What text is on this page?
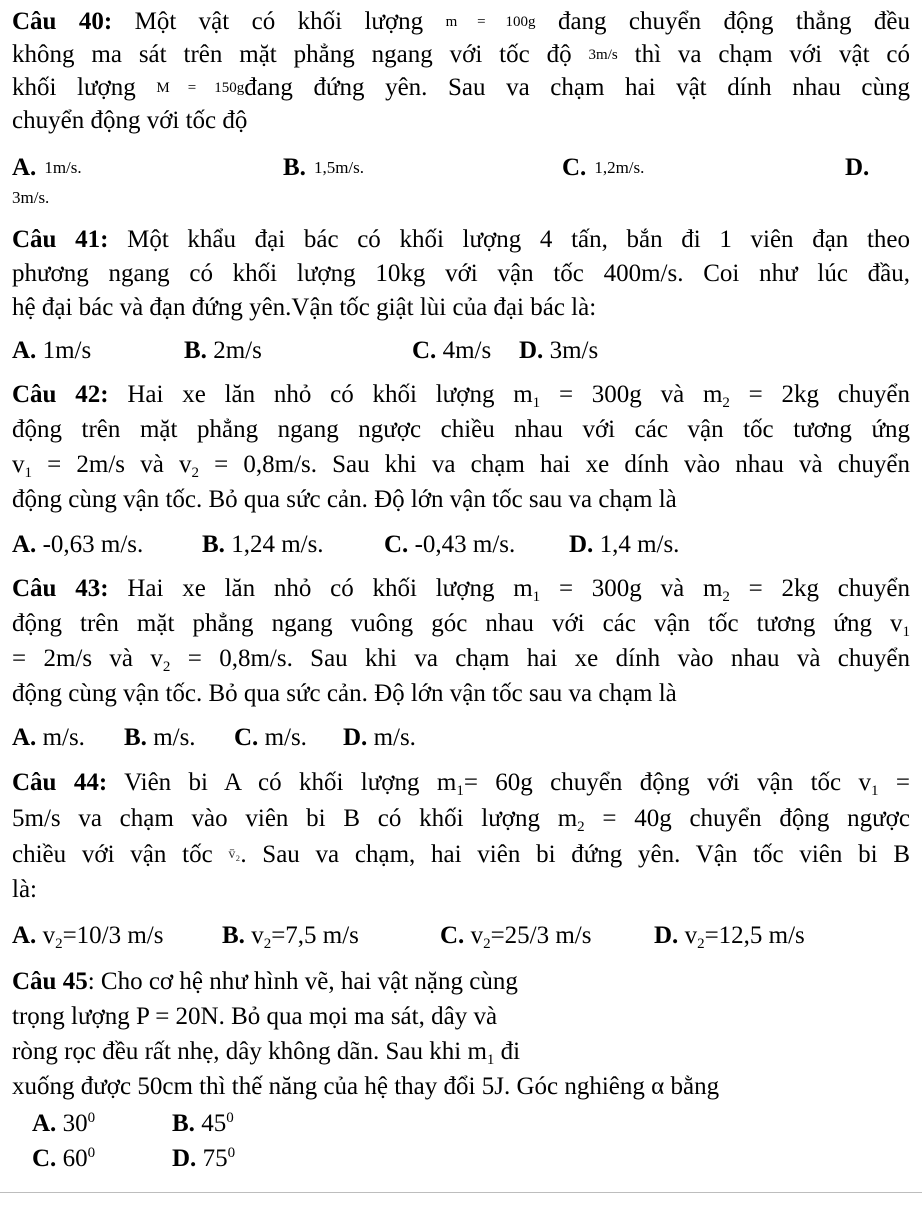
Câu 40: Một vật có khối lượng m = 100g đang chuyển động thẳng đều
không ma sát trên mặt phẳng ngang với tốc độ 3m/s thì va chạm với vật có
khối lượng M = 150gđang đứng yên. Sau va chạm hai vật dính nhau cùng
chuyển động với tốc độ
A. 1m/s.	B. 1,5m/s.	C. 1,2m/s.	D.
3m/s.
Câu 41: Một khẩu đại bác có khối lượng 4 tấn, bắn đi 1 viên đạn theo
phương ngang có khối lượng 10kg với vận tốc 400m/s. Coi như lúc đầu,
hệ đại bác và đạn đứng yên.Vận tốc giật lùi của đại bác là:
A. 1m/s	B. 2m/s	C. 4m/s D. 3m/s
Câu 42: Hai xe lăn nhỏ có khối lượng $m_1 = 300g$ và $m_2 = 2kg$ chuyển
động trên mặt phẳng ngang ngược chiều nhau với các vận tốc tương ứng
$v_1 = 2m/s$ và $v_2 = 0,8m/s$. Sau khi va chạm hai xe dính vào nhau và chuyển
động cùng vận tốc. Bỏ qua sức cản. Độ lớn vận tốc sau va chạm là
A. -0,63 m/s. B. 1,24 m/s. C. -0,43 m/s. D. 1,4 m/s.
Câu 43: Hai xe lăn nhỏ có khối lượng $m_1 = 300g$ và $m_2 = 2kg$ chuyển
động trên mặt phẳng ngang vuông góc nhau với các vận tốc tương ứng $v_1$
= 2m/s và $v_2 = 0,8m/s$. Sau khi va chạm hai xe dính vào nhau và chuyển
động cùng vận tốc. Bỏ qua sức cản. Độ lớn vận tốc sau va chạm là
A. m/s. B. m/s. C. m/s. D. m/s.
Câu 44: Viên bi A có khối lượng $m_1= 60g$ chuyển động với vận tốc $v_1$ =
5m/s va chạm vào viên bi B có khối lượng $m_2 = 40g$ chuyển động ngược
chiều với vận tốc v̄₂. Sau va chạm, hai viên bi đứng yên. Vận tốc viên bi B
là:
A. $v_2=10/3$ m/s B. $v_2=7,5$ m/s	C. $v_2=25/3$ m/s	D. $v_2=12,5$ m/s
Câu 45: Cho cơ hệ như hình vẽ, hai vật nặng cùng
trọng lượng P = 20N. Bỏ qua mọi ma sát, dây và
ròng rọc đều rất nhẹ, dây không dãn. Sau khi $m_1$ đi
xuống được 50cm thì thế năng của hệ thay đổi 5J. Góc nghiêng α bằng
A. $30^0$	B. $45^0$
C. $60^0$	D. $75^0$
